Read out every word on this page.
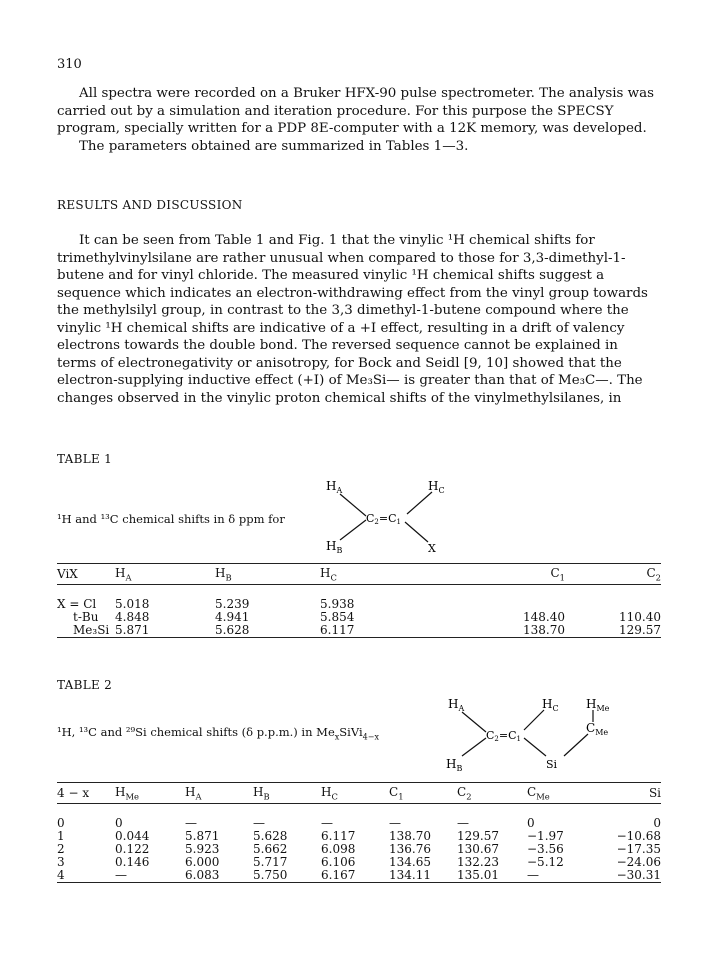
310

All spectra were recorded on a Bruker HFX-90 pulse spectrometer. The analysis was carried out by a simulation and iteration procedure. For this purpose the SPECSY program, specially written for a PDP 8E-computer with a 12K memory, was developed.
The parameters obtained are summarized in Tables 1—3.

RESULTS AND DISCUSSION

It can be seen from Table 1 and Fig. 1 that the vinylic ¹H chemical shifts for trimethylvinylsilane are rather unusual when compared to those for 3,3-dimethyl-1-butene and for vinyl chloride. The measured vinylic ¹H chemical shifts suggest a sequence which indicates an electron-withdrawing effect from the vinyl group towards the methylsilyl group, in contrast to the 3,3 dimethyl-1-butene compound where the vinylic ¹H chemical shifts are indicative of a +I effect, resulting in a drift of valency electrons towards the double bond. The reversed sequence cannot be explained in terms of electronegativity or anisotropy, for Bock and Seidl [9, 10] showed that the electron-supplying inductive effect (+I) of Me₃Si— is greater than that of Me₃C—. The changes observed in the vinylic proton chemical shifts of the vinylmethylsilanes, in

TABLE 1
¹H and ¹³C chemical shifts in δ ppm for
$H_A$	$H_C$
C2=C1
$H_B$	X
ViX	$H_A$	$H_B$	$H_C$	$C_1$	$C_2$

X = Cl	5.018	5.239	5.938		
t-Bu	4.848	4.941	5.854	148.40	110.40
Me₃Si	5.871	5.628	6.117	138.70	129.57
TABLE 2
¹H, ¹³C and ²⁹Si chemical shifts (δ p.p.m.) in $Me_xSiVi_{4-x}$
$H_A$	$H_C$ $H_{Me}$
C2=C1
$C_{Me}$
$H_B$	Si
4 − x	$H_{Me}$	$H_A$	$H_B$	$H_C$	$C_1$	$C_2$	$C_{Me}$	Si

0	0	—	—	—	—	—	0	0
1	0.044	5.871	5.628	6.117	138.70	129.57	−1.97	−10.68
2	0.122	5.923	5.662	6.098	136.76	130.67	−3.56	−17.35
3	0.146	6.000	5.717	6.106	134.65	132.23	−5.12	−24.06
4	—	6.083	5.750	6.167	134.11	135.01	—	−30.31
